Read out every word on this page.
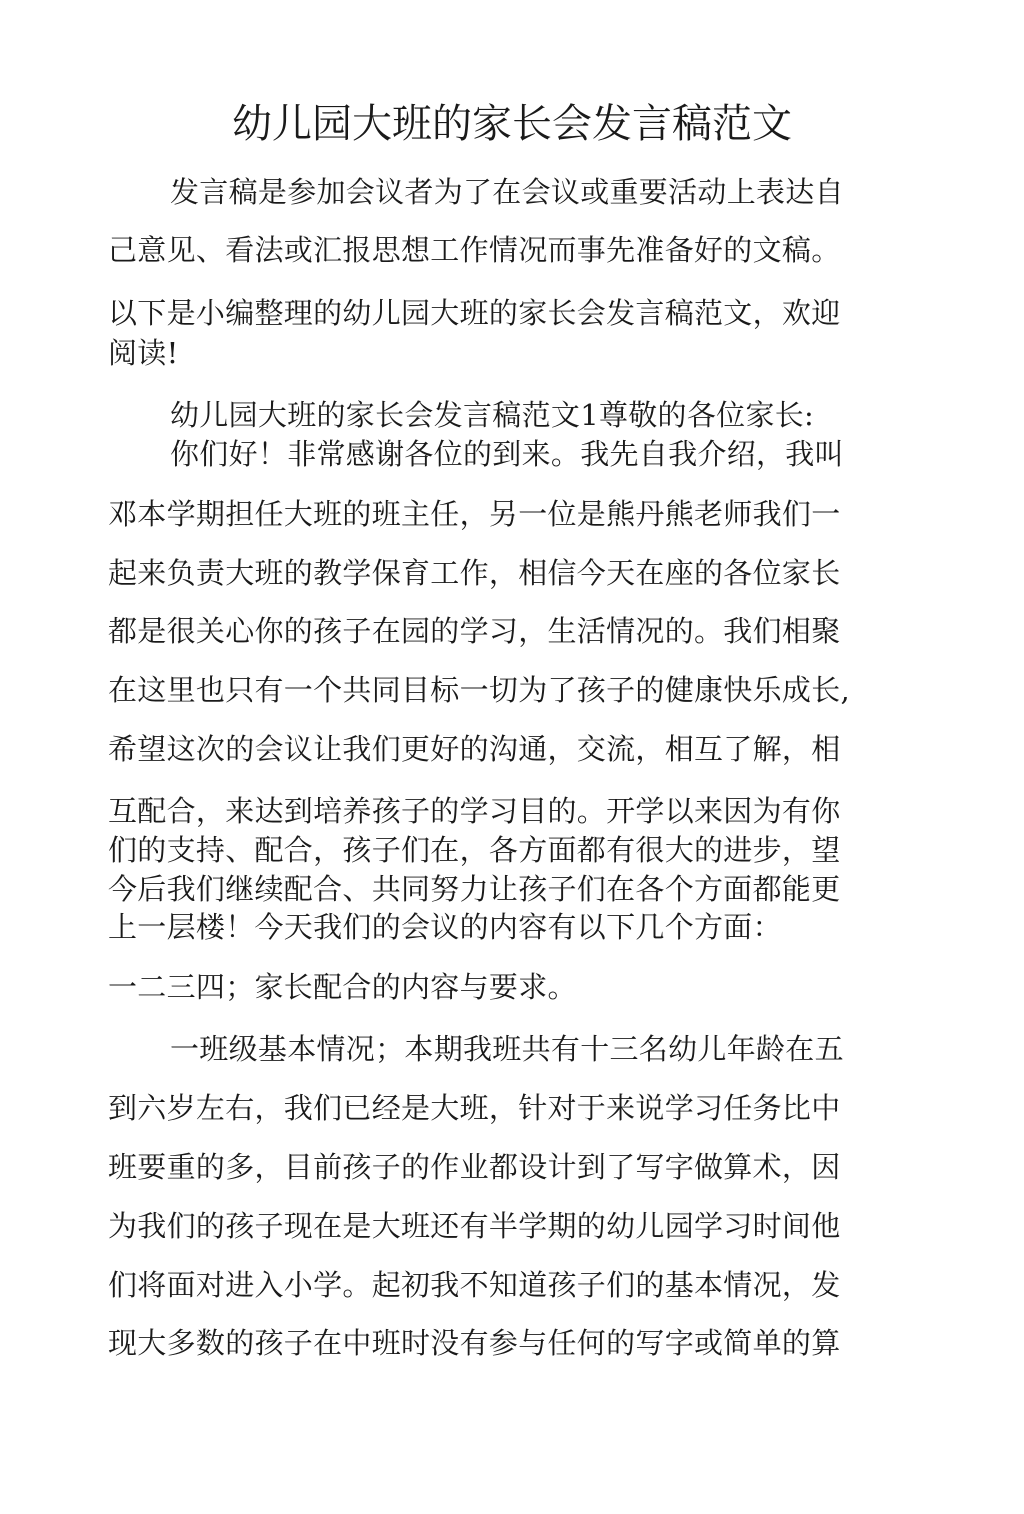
幼儿园大班的家长会发言稿范文
发言稿是参加会议者为了在会议或重要活动上表达自
己意见、看法或汇报思想工作情况而事先准备好的文稿。
以下是小编整理的幼儿园大班的家长会发言稿范文，欢迎
阅读!
幼儿园大班的家长会发言稿范文1尊敬的各位家长:
你们好！非常感谢各位的到来。我先自我介绍，我叫
邓本学期担任大班的班主任，另一位是熊丹熊老师我们一
起来负责大班的教学保育工作，相信今天在座的各位家长
都是很关心你的孩子在园的学习，生活情况的。我们相聚
在这里也只有一个共同目标一切为了孩子的健康快乐成长,
希望这次的会议让我们更好的沟通，交流，相互了解，相
互配合，来达到培养孩子的学习目的。开学以来因为有你
们的支持、配合，孩子们在，各方面都有很大的进步，望
今后我们继续配合、共同努力让孩子们在各个方面都能更
上一层楼！今天我们的会议的内容有以下几个方面：
一二三四；家长配合的内容与要求。
一班级基本情况；本期我班共有十三名幼儿年龄在五
到六岁左右，我们已经是大班，针对于来说学习任务比中
班要重的多，目前孩子的作业都设计到了写字做算术，因
为我们的孩子现在是大班还有半学期的幼儿园学习时间他
们将面对进入小学。起初我不知道孩子们的基本情况，发
现大多数的孩子在中班时没有参与任何的写字或简单的算
